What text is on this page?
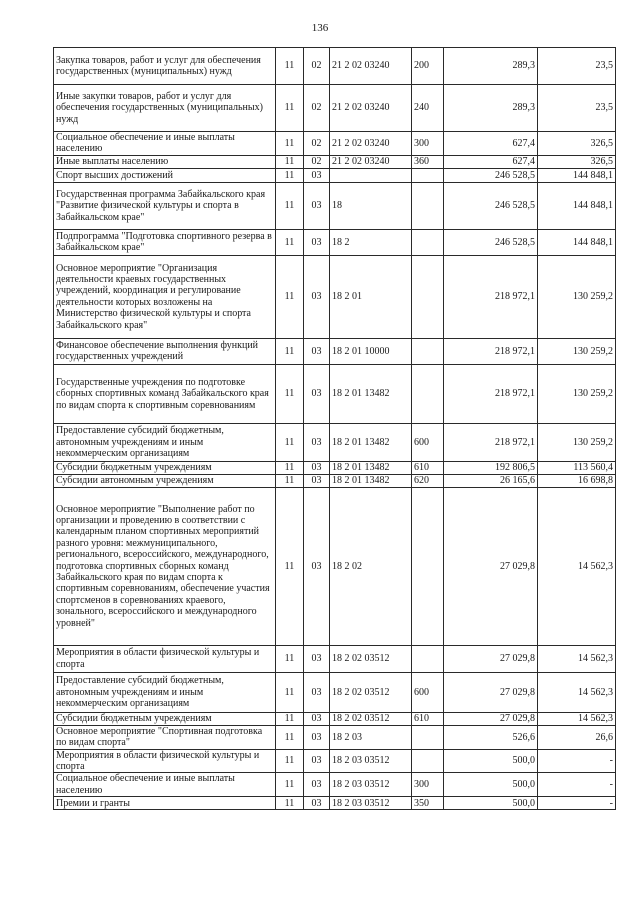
136
Закупка товаров, работ и услуг для обеспечения государственных (муниципальных) нужд	11	02	21 2 02 03240	200	289,3	23,5
Иные закупки товаров, работ и услуг для обеспечения государственных (муниципальных) нужд	11	02	21 2 02 03240	240	289,3	23,5
Социальное обеспечение и иные выплаты населению	11	02	21 2 02 03240	300	627,4	326,5
Иные выплаты населению	11	02	21 2 02 03240	360	627,4	326,5
Спорт высших достижений	11	03			246 528,5	144 848,1
Государственная программа Забайкальского края "Развитие физической культуры и спорта в Забайкальском крае"	11	03	18		246 528,5	144 848,1
Подпрограмма "Подготовка спортивного резерва в Забайкальском крае"	11	03	18 2		246 528,5	144 848,1
Основное мероприятие "Организация деятельности краевых государственных учреждений, координация и регулирование деятельности которых возложены на Министерство физической культуры и спорта Забайкальского края"	11	03	18 2 01		218 972,1	130 259,2
Финансовое обеспечение выполнения функций государственных учреждений	11	03	18 2 01 10000		218 972,1	130 259,2
Государственные учреждения по подготовке сборных спортивных команд Забайкальского края по видам спорта к спортивным соревнованиям	11	03	18 2 01 13482		218 972,1	130 259,2
Предоставление субсидий бюджетным, автономным учреждениям и иным некоммерческим организациям	11	03	18 2 01 13482	600	218 972,1	130 259,2
Субсидии бюджетным учреждениям	11	03	18 2 01 13482	610	192 806,5	113 560,4
Субсидии автономным учреждениям	11	03	18 2 01 13482	620	26 165,6	16 698,8
Основное мероприятие "Выполнение работ по организации и проведению в соответствии с календарным планом спортивных мероприятий разного уровня: межмуниципального, регионального, всероссийского, международного, подготовка спортивных сборных команд Забайкальского края по видам спорта к спортивным соревнованиям, обеспечение участия спортсменов в соревнованиях краевого, зонального, всероссийского и международного уровней"	11	03	18 2 02		27 029,8	14 562,3
Мероприятия в области физической культуры и спорта	11	03	18 2 02 03512		27 029,8	14 562,3
Предоставление субсидий бюджетным, автономным учреждениям и иным некоммерческим организациям	11	03	18 2 02 03512	600	27 029,8	14 562,3
Субсидии бюджетным учреждениям	11	03	18 2 02 03512	610	27 029,8	14 562,3
Основное мероприятие "Спортивная подготовка по видам спорта"	11	03	18 2 03		526,6	26,6
Мероприятия в области физической культуры и спорта	11	03	18 2 03 03512		500,0	-
Социальное обеспечение и иные выплаты населению	11	03	18 2 03 03512	300	500,0	-
Премии и гранты	11	03	18 2 03 03512	350	500,0	-
